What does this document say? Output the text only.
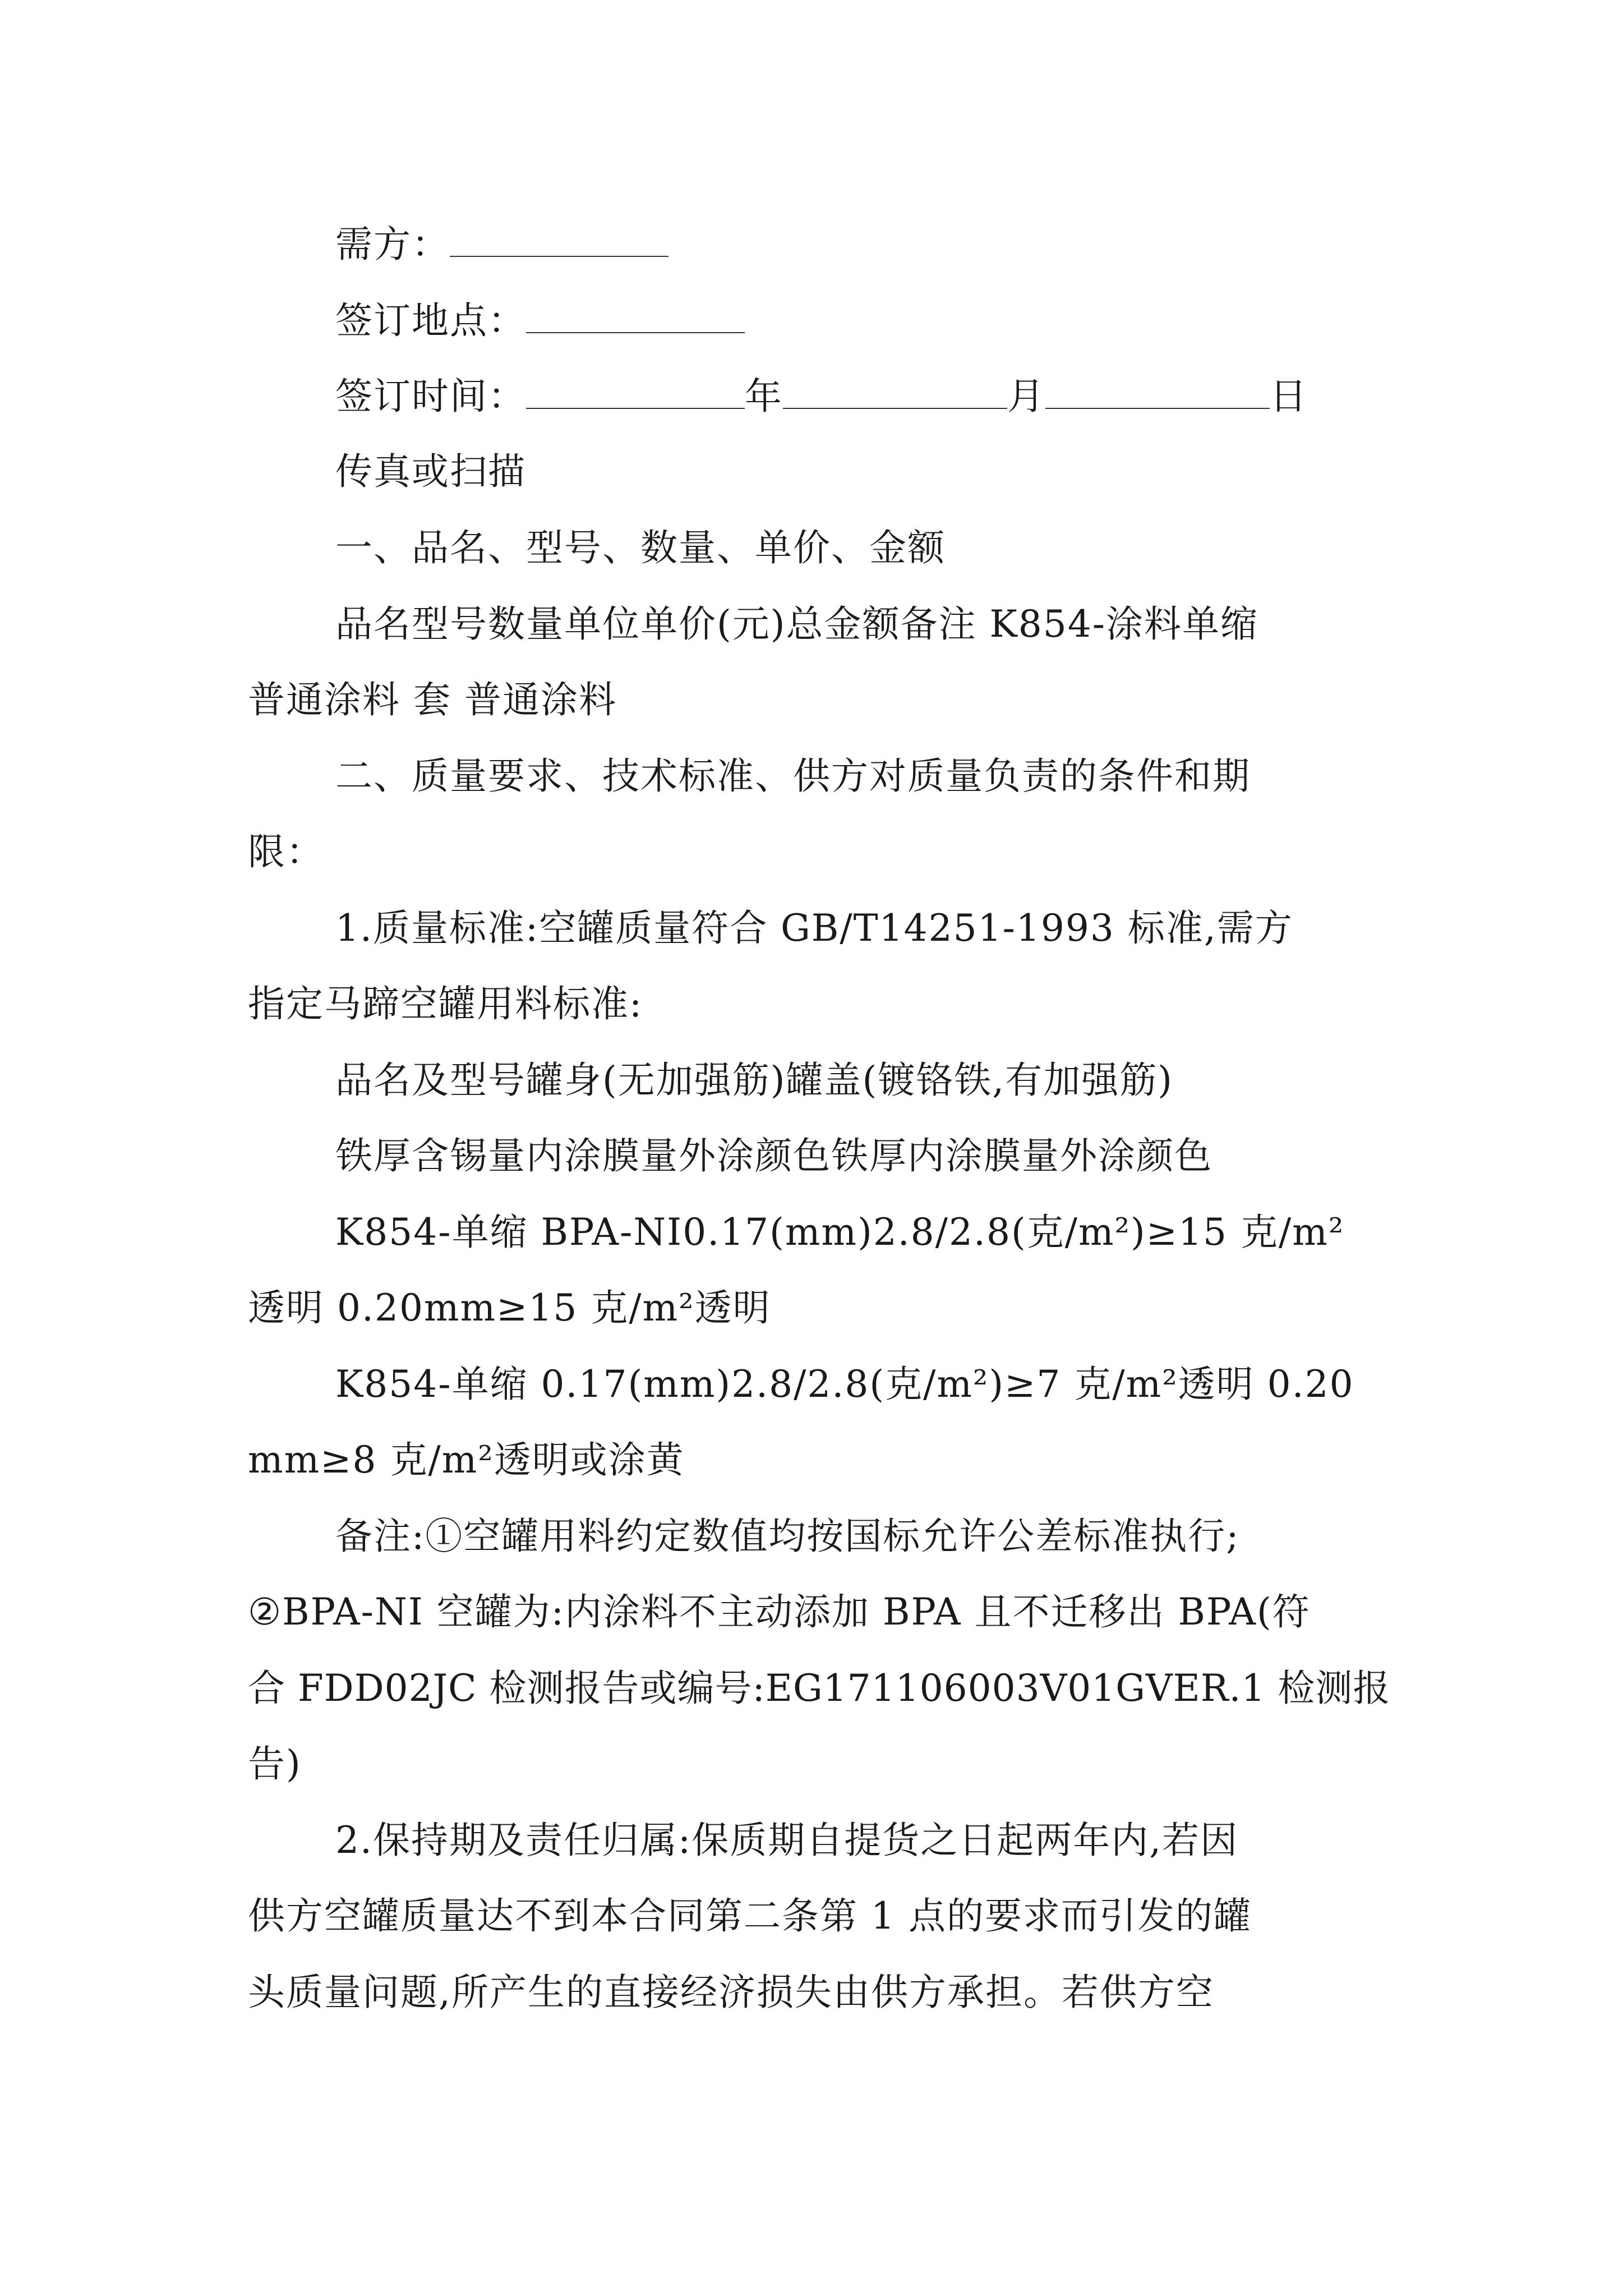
需方：
签订地点：
签订时间：	年	月	日
传真或扫描
一、品名、型号、数量、单价、金额
品名型号数量单位单价(元)总金额备注 K854-涂料单缩
普通涂料 套 普通涂料
二、质量要求、技术标准、供方对质量负责的条件和期
限：
1.质量标准:空罐质量符合 GB/T14251-1993 标准,需方
指定马蹄空罐用料标准:
品名及型号罐身(无加强筋)罐盖(镀铬铁,有加强筋)
铁厚含锡量内涂膜量外涂颜色铁厚内涂膜量外涂颜色
K854-单缩 BPA-NI0.17(mm)2.8/2.8(克/m²)≥15 克/m²
透明 0.20mm≥15 克/m²透明
K854-单缩 0.17(mm)2.8/2.8(克/m²)≥7 克/m²透明 0.20
mm≥8 克/m²透明或涂黄
备注:①空罐用料约定数值均按国标允许公差标准执行;
②BPA-NI 空罐为:内涂料不主动添加 BPA 且不迁移出 BPA(符
合 FDD02JC 检测报告或编号:EG171106003V01GVER.1 检测报
告)
2.保持期及责任归属:保质期自提货之日起两年内,若因
供方空罐质量达不到本合同第二条第 1 点的要求而引发的罐
头质量问题,所产生的直接经济损失由供方承担。若供方空
